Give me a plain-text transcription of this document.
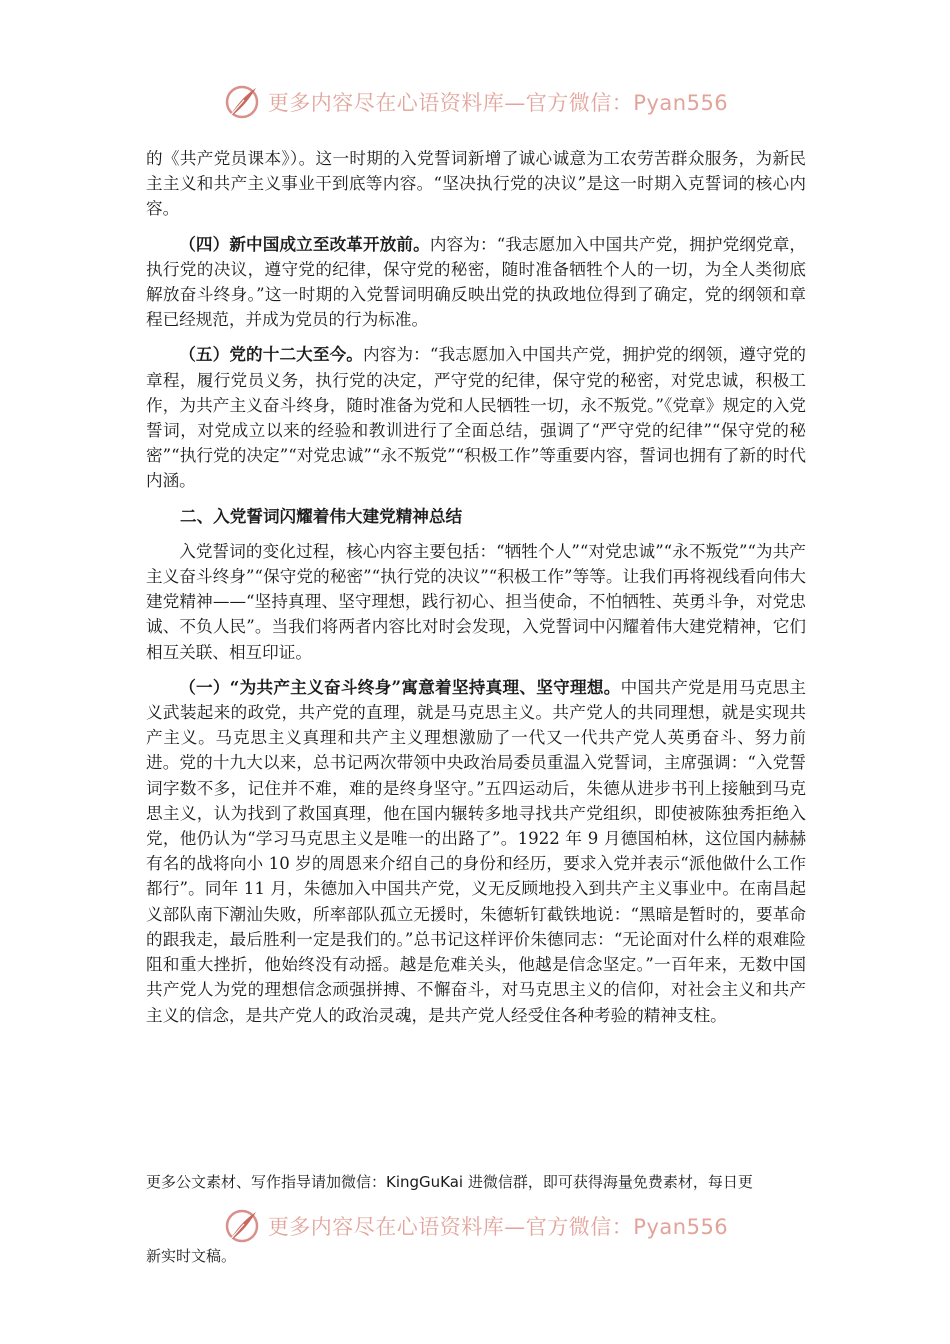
更多内容尽在心语资料库—官方微信：Pyan556

的《共产党员课本》）。这一时期的入党誓词新增了诚心诚意为工农劳苦群众服务，为新民主主义和共产主义事业干到底等内容。“坚决执行党的决议”是这一时期入克誓词的核心内容。

（四）新中国成立至改革开放前。内容为：“我志愿加入中国共产党，拥护党纲党章，执行党的决议，遵守党的纪律，保守党的秘密，随时准备牺牲个人的一切，为全人类彻底解放奋斗终身。”这一时期的入党誓词明确反映出党的执政地位得到了确定，党的纲领和章程已经规范，并成为党员的行为标准。

（五）党的十二大至今。内容为：“我志愿加入中国共产党，拥护党的纲领，遵守党的章程，履行党员义务，执行党的决定，严守党的纪律，保守党的秘密，对党忠诚，积极工作，为共产主义奋斗终身，随时准备为党和人民牺牲一切，永不叛党。”《党章》规定的入党誓词，对党成立以来的经验和教训进行了全面总结，强调了“严守党的纪律”“保守党的秘密”“执行党的决定”“对党忠诚”“永不叛党”“积极工作”等重要内容，誓词也拥有了新的时代内涵。

二、入党誓词闪耀着伟大建党精神总结

入党誓词的变化过程，核心内容主要包括：“牺牲个人”“对党忠诚”“永不叛党”“为共产主义奋斗终身”“保守党的秘密”“执行党的决议”“积极工作”等等。让我们再将视线看向伟大建党精神——“坚持真理、坚守理想，践行初心、担当使命，不怕牺牲、英勇斗争，对党忠诚、不负人民”。当我们将两者内容比对时会发现，入党誓词中闪耀着伟大建党精神，它们相互关联、相互印证。

（一）“为共产主义奋斗终身”寓意着坚持真理、坚守理想。中国共产党是用马克思主义武装起来的政党，共产党的直理，就是马克思主义。共产党人的共同理想，就是实现共产主义。马克思主义真理和共产主义理想激励了一代又一代共产党人英勇奋斗、努力前进。党的十九大以来，总书记两次带领中央政治局委员重温入党誓词，主席强调：“入党誓词字数不多，记住并不难，难的是终身坚守。”五四运动后，朱德从进步书刊上接触到马克思主义，认为找到了救国真理，他在国内辗转多地寻找共产党组织，即使被陈独秀拒绝入党，他仍认为“学习马克思主义是唯一的出路了”。1922 年 9 月德国柏林，这位国内赫赫有名的战将向小 10 岁的周恩来介绍自己的身份和经历，要求入党并表示“派他做什么工作都行”。同年 11 月，朱德加入中国共产党，义无反顾地投入到共产主义事业中。在南昌起义部队南下潮汕失败，所率部队孤立无援时，朱德斩钉截铁地说：“黑暗是暂时的，要革命的跟我走，最后胜利一定是我们的。”总书记这样评价朱德同志：“无论面对什么样的艰难险阻和重大挫折，他始终没有动摇。越是危难关头，他越是信念坚定。”一百年来，无数中国共产党人为党的理想信念顽强拼搏、不懈奋斗，对马克思主义的信仰，对社会主义和共产主义的信念，是共产党人的政治灵魂，是共产党人经受住各种考验的精神支柱。

更多公文素材、写作指导请加微信：KingGuKai 进微信群，即可获得海量免费素材，每日更
更多内容尽在心语资料库—官方微信：Pyan556
新实时文稿。
